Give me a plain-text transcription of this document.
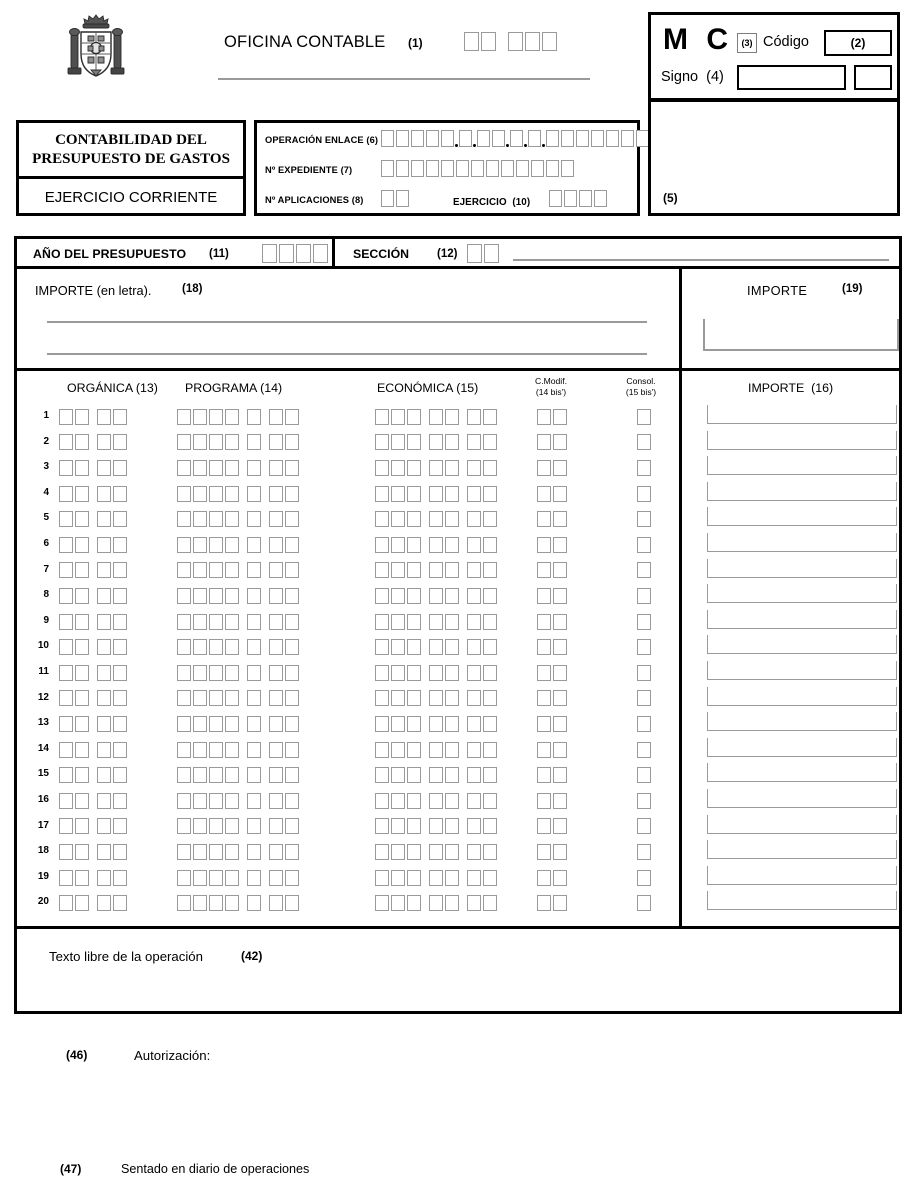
OFICINA CONTABLE (1)

CONTABILIDAD DEL
PRESUPUESTO DE GASTOS
EJERCICIO CORRIENTE
OPERACIÓN ENLACE (6)
Nº EXPEDIENTE (7)
Nº APLICACIONES (8)	EJERCICIO (10)
M C (3) Código	(2)
Signo (4)
(5)
AÑO DEL PRESUPUESTO (11)	SECCIÓN (12)
IMPORTE (en letra).	(18)	IMPORTE	(19)
ORGÁNICA (13) PROGRAMA (14)	ECONÓMICA (15)	C.Modif.
(14 bis')
Consol.
(15 bis')	IMPORTE (16)
1
2
3
4
5
6
7
8
9
10
11
12
13
14
15
16
17
18
19
20
Texto libre de la operación	(42)
(46)	Autorización:
(47)	Sentado en diario de operaciones
